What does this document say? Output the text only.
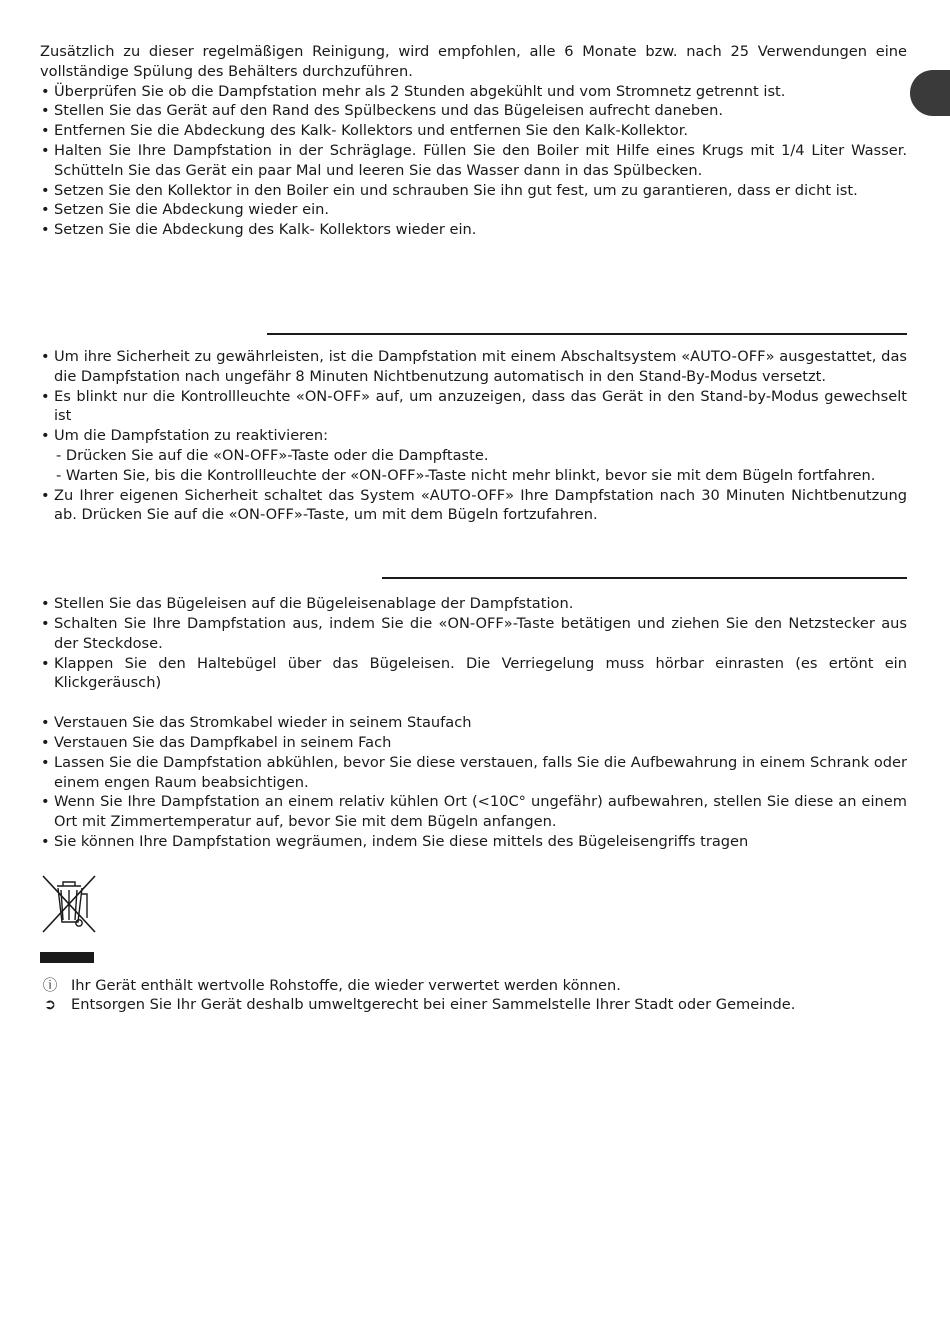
Zusätzlich zu dieser regelmäßigen Reinigung, wird empfohlen, alle 6 Monate bzw. nach 25 Verwendungen eine vollständige Spülung des Behälters durchzuführen.

• Überprüfen Sie ob die Dampfstation mehr als 2 Stunden abgekühlt und vom Stromnetz getrennt ist.
• Stellen Sie das Gerät auf den Rand des Spülbeckens und das Bügeleisen aufrecht daneben.
• Entfernen Sie die Abdeckung des Kalk- Kollektors und entfernen Sie den Kalk-Kollektor.
• Halten Sie Ihre Dampfstation in der Schräglage. Füllen Sie den Boiler mit Hilfe eines Krugs mit 1/4 Liter Wasser. Schütteln Sie das Gerät ein paar Mal und leeren Sie das Wasser dann in das Spülbecken.
• Setzen Sie den Kollektor in den Boiler ein und schrauben Sie ihn gut fest, um zu garantieren, dass er dicht ist.
• Setzen Sie die Abdeckung wieder ein.
• Setzen Sie die Abdeckung des Kalk- Kollektors wieder ein.
• Um ihre Sicherheit zu gewährleisten, ist die Dampfstation mit einem Abschaltsystem «AUTO-OFF» ausgestattet, das die Dampfstation nach ungefähr 8 Minuten Nichtbenutzung automatisch in den Stand-By-Modus versetzt.
• Es blinkt nur die Kontrollleuchte «ON-OFF» auf, um anzuzeigen, dass das Gerät in den Stand-by-Modus gewechselt ist
• Um die Dampfstation zu reaktivieren:
- Drücken Sie auf die «ON-OFF»-Taste oder die Dampftaste.
- Warten Sie, bis die Kontrollleuchte der «ON-OFF»-Taste nicht mehr blinkt, bevor sie mit dem Bügeln fortfahren.
• Zu Ihrer eigenen Sicherheit schaltet das System «AUTO-OFF» Ihre Dampfstation nach 30 Minuten Nichtbenutzung ab. Drücken Sie auf die «ON-OFF»-Taste, um mit dem Bügeln fortzufahren.
• Stellen Sie das Bügeleisen auf die Bügeleisenablage der Dampfstation.
• Schalten Sie Ihre Dampfstation aus, indem Sie die «ON-OFF»-Taste betätigen und ziehen Sie den Netzstecker aus der Steckdose.
• Klappen Sie den Haltebügel über das Bügeleisen. Die Verriegelung muss hörbar einrasten (es ertönt ein Klickgeräusch)
• Verstauen Sie das Stromkabel wieder in seinem Staufach
• Verstauen Sie das Dampfkabel in seinem Fach
• Lassen Sie die Dampfstation abkühlen, bevor Sie diese verstauen, falls Sie die Aufbewahrung in einem Schrank oder einem engen Raum beabsichtigen.
• Wenn Sie Ihre Dampfstation an einem relativ kühlen Ort (<10C° ungefähr) aufbewahren, stellen Sie diese an einem Ort mit Zimmertemperatur auf, bevor Sie mit dem Bügeln anfangen.
• Sie können Ihre Dampfstation wegräumen, indem Sie diese mittels des Bügeleisengriffs tragen
ⓘ Ihr Gerät enthält wertvolle Rohstoffe, die wieder verwertet werden können.
➲ Entsorgen Sie Ihr Gerät deshalb umweltgerecht bei einer Sammelstelle Ihrer Stadt oder Gemeinde.
